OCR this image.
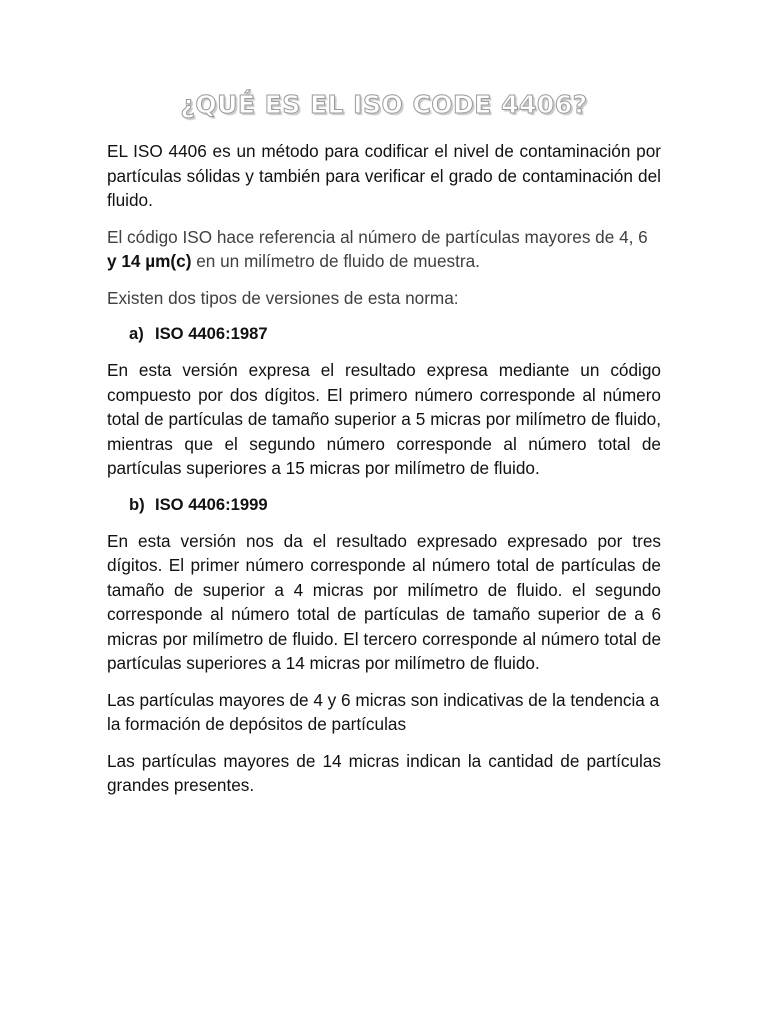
¿QUÉ ES EL ISO CODE 4406?

EL ISO 4406 es un método para codificar el nivel de contaminación por partículas sólidas y también para verificar el grado de contaminación del fluido.

El código ISO hace referencia al número de partículas mayores de 4, 6
y 14 µm(c) en un milímetro de fluido de muestra.

Existen dos tipos de versiones de esta norma:

a) ISO 4406:1987

En esta versión expresa el resultado expresa mediante un código compuesto por dos dígitos. El primero número corresponde al número total de partículas de tamaño superior a 5 micras por milímetro de fluido, mientras que el segundo número corresponde al número total de partículas superiores a 15 micras por milímetro de fluido.

b) ISO 4406:1999

En esta versión nos da el resultado expresado expresado por tres dígitos. El primer número corresponde al número total de partículas de tamaño de superior a 4 micras por milímetro de fluido. el segundo corresponde al número total de partículas de tamaño superior de a 6 micras por milímetro de fluido. El tercero corresponde al número total de partículas superiores a 14 micras por milímetro de fluido.

Las partículas mayores de 4 y 6 micras son indicativas de la tendencia a la formación de depósitos de partículas

Las partículas mayores de 14 micras indican la cantidad de partículas grandes presentes.
